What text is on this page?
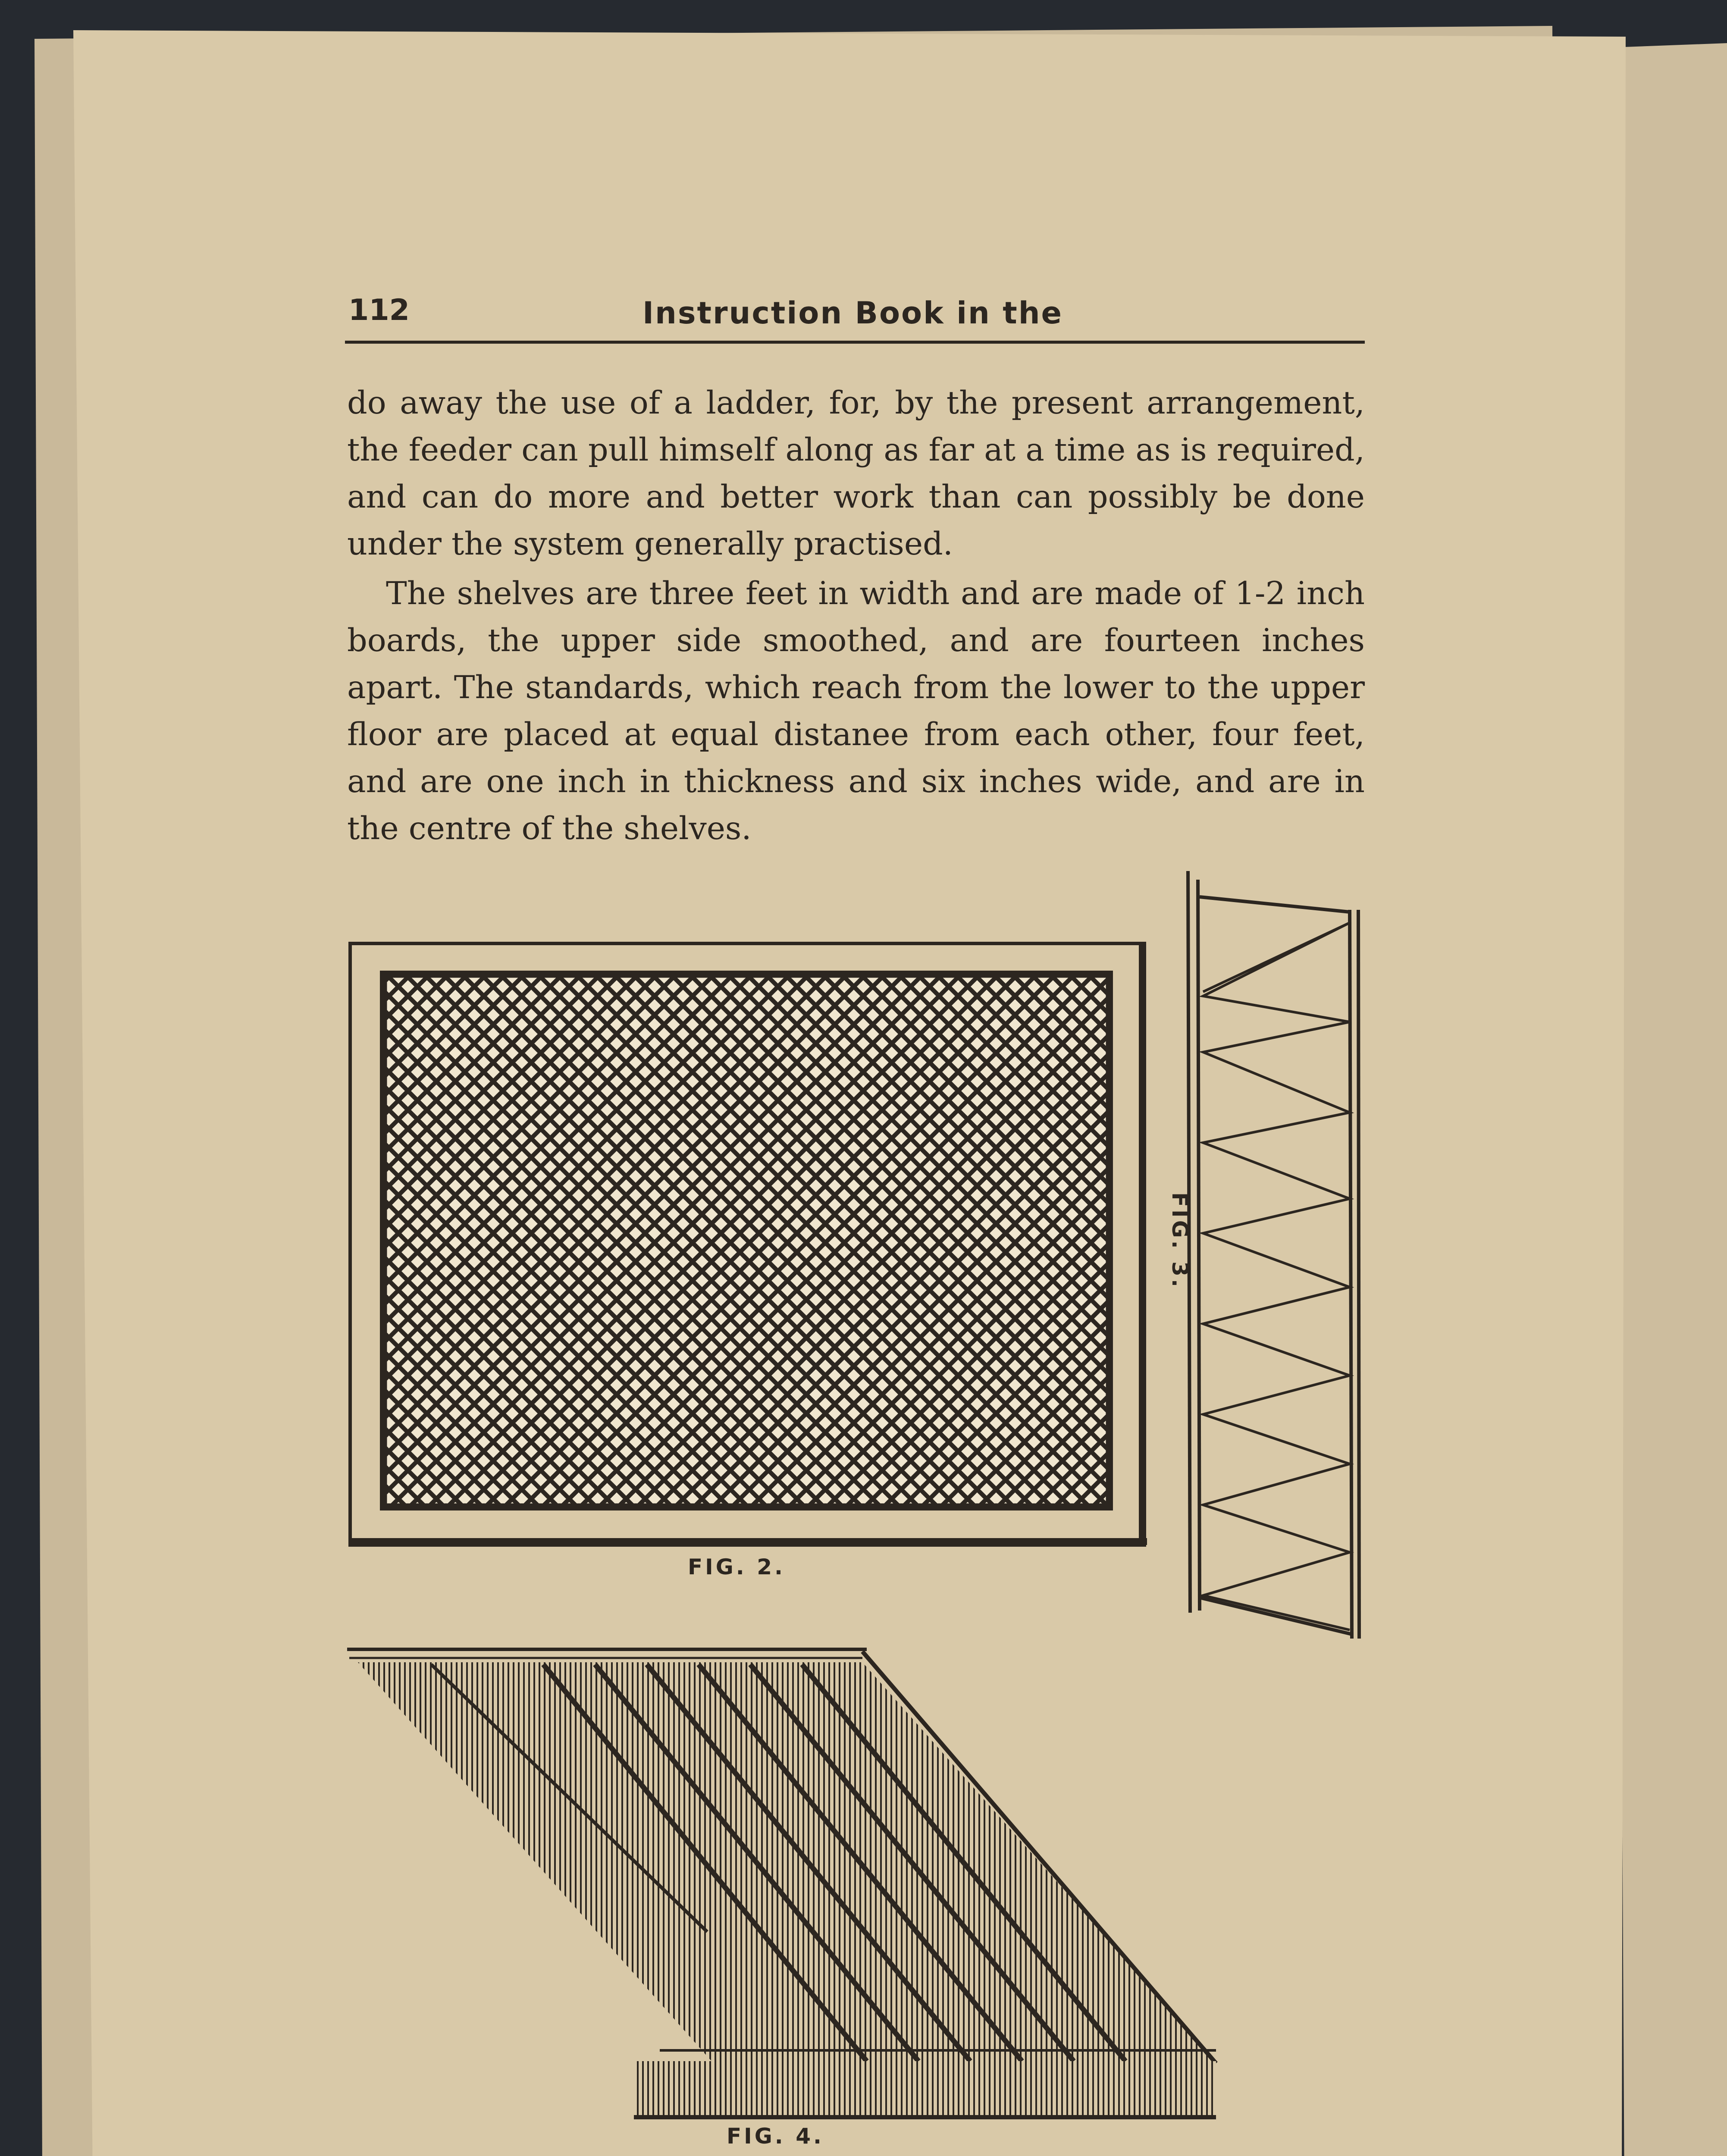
112	Instruction Book in the

do away the use of a ladder, for, by the present arrangement, the feeder can pull himself along as far at a time as is required, and can do more and better work than can possibly be done under the system generally practised.

The shelves are three feet in width and are made of 1-2 inch boards, the upper side smoothed, and are fourteen inches apart. The standards, which reach from the lower to the upper floor are placed at equal distanee from each other, four feet, and are one inch in thickness and six inches wide, and are in the centre of the shelves.

FIG. 2.
FIG. 3.
FIG. 4.
